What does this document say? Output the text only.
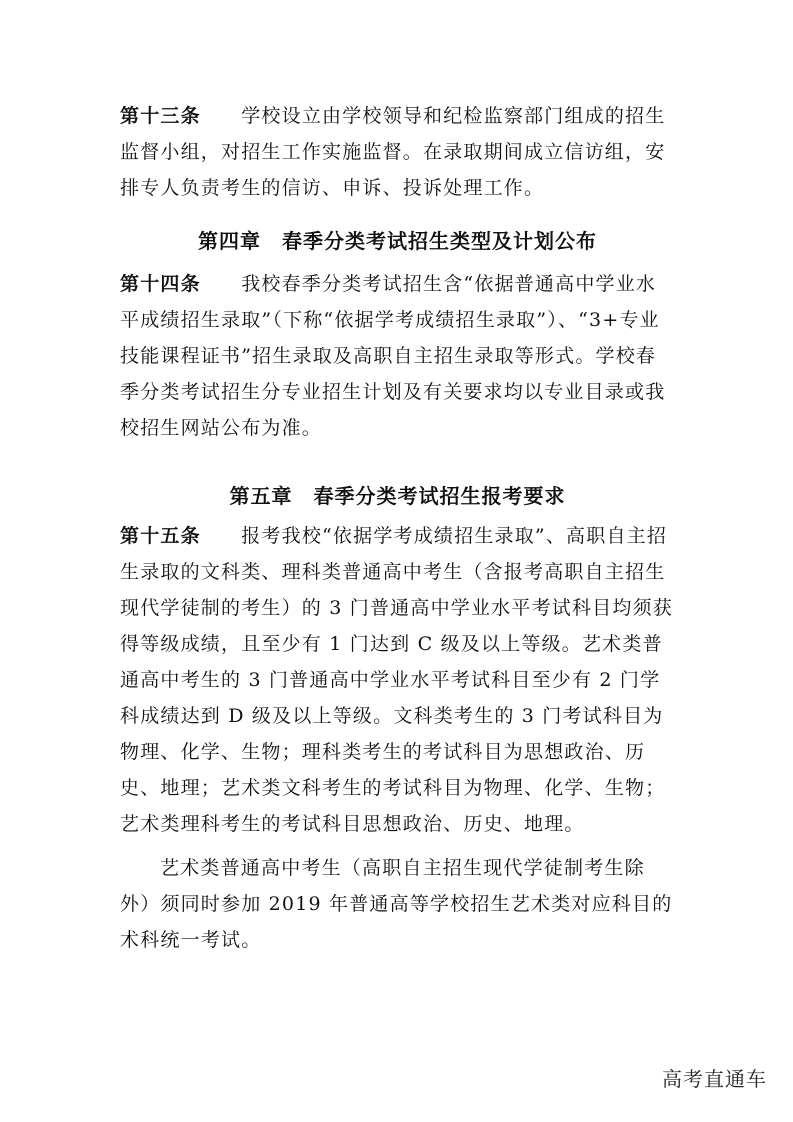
第十三条　　 学校设立由学校领导和纪检监察部门组成的招生监督小组，对招生工作实施监督。在录取期间成立信访组，安排专人负责考生的信访、申诉、投诉处理工作。

第四章　春季分类考试招生类型及计划公布

第十四条　　 我校春季分类考试招生含“依据普通高中学业水平成绩招生录取”（下称“依据学考成绩招生录取”）、“3+专业技能课程证书”招生录取及高职自主招生录取等形式。学校春季分类考试招生分专业招生计划及有关要求均以专业目录或我校招生网站公布为准。

第五章　春季分类考试招生报考要求

第十五条　　 报考我校“依据学考成绩招生录取”、高职自主招生录取的文科类、理科类普通高中考生（含报考高职自主招生现代学徒制的考生）的 3 门普通高中学业水平考试科目均须获得等级成绩，且至少有 1 门达到 C 级及以上等级。艺术类普通高中考生的 3 门普通高中学业水平考试科目至少有 2 门学科成绩达到 D 级及以上等级。文科类考生的 3 门考试科目为物理、化学、生物；理科类考生的考试科目为思想政治、历史、地理；艺术类文科考生的考试科目为物理、化学、生物；艺术类理科考生的考试科目思想政治、历史、地理。

艺术类普通高中考生（高职自主招生现代学徒制考生除外）须同时参加 2019 年普通高等学校招生艺术类对应科目的术科统一考试。

高考直通车
